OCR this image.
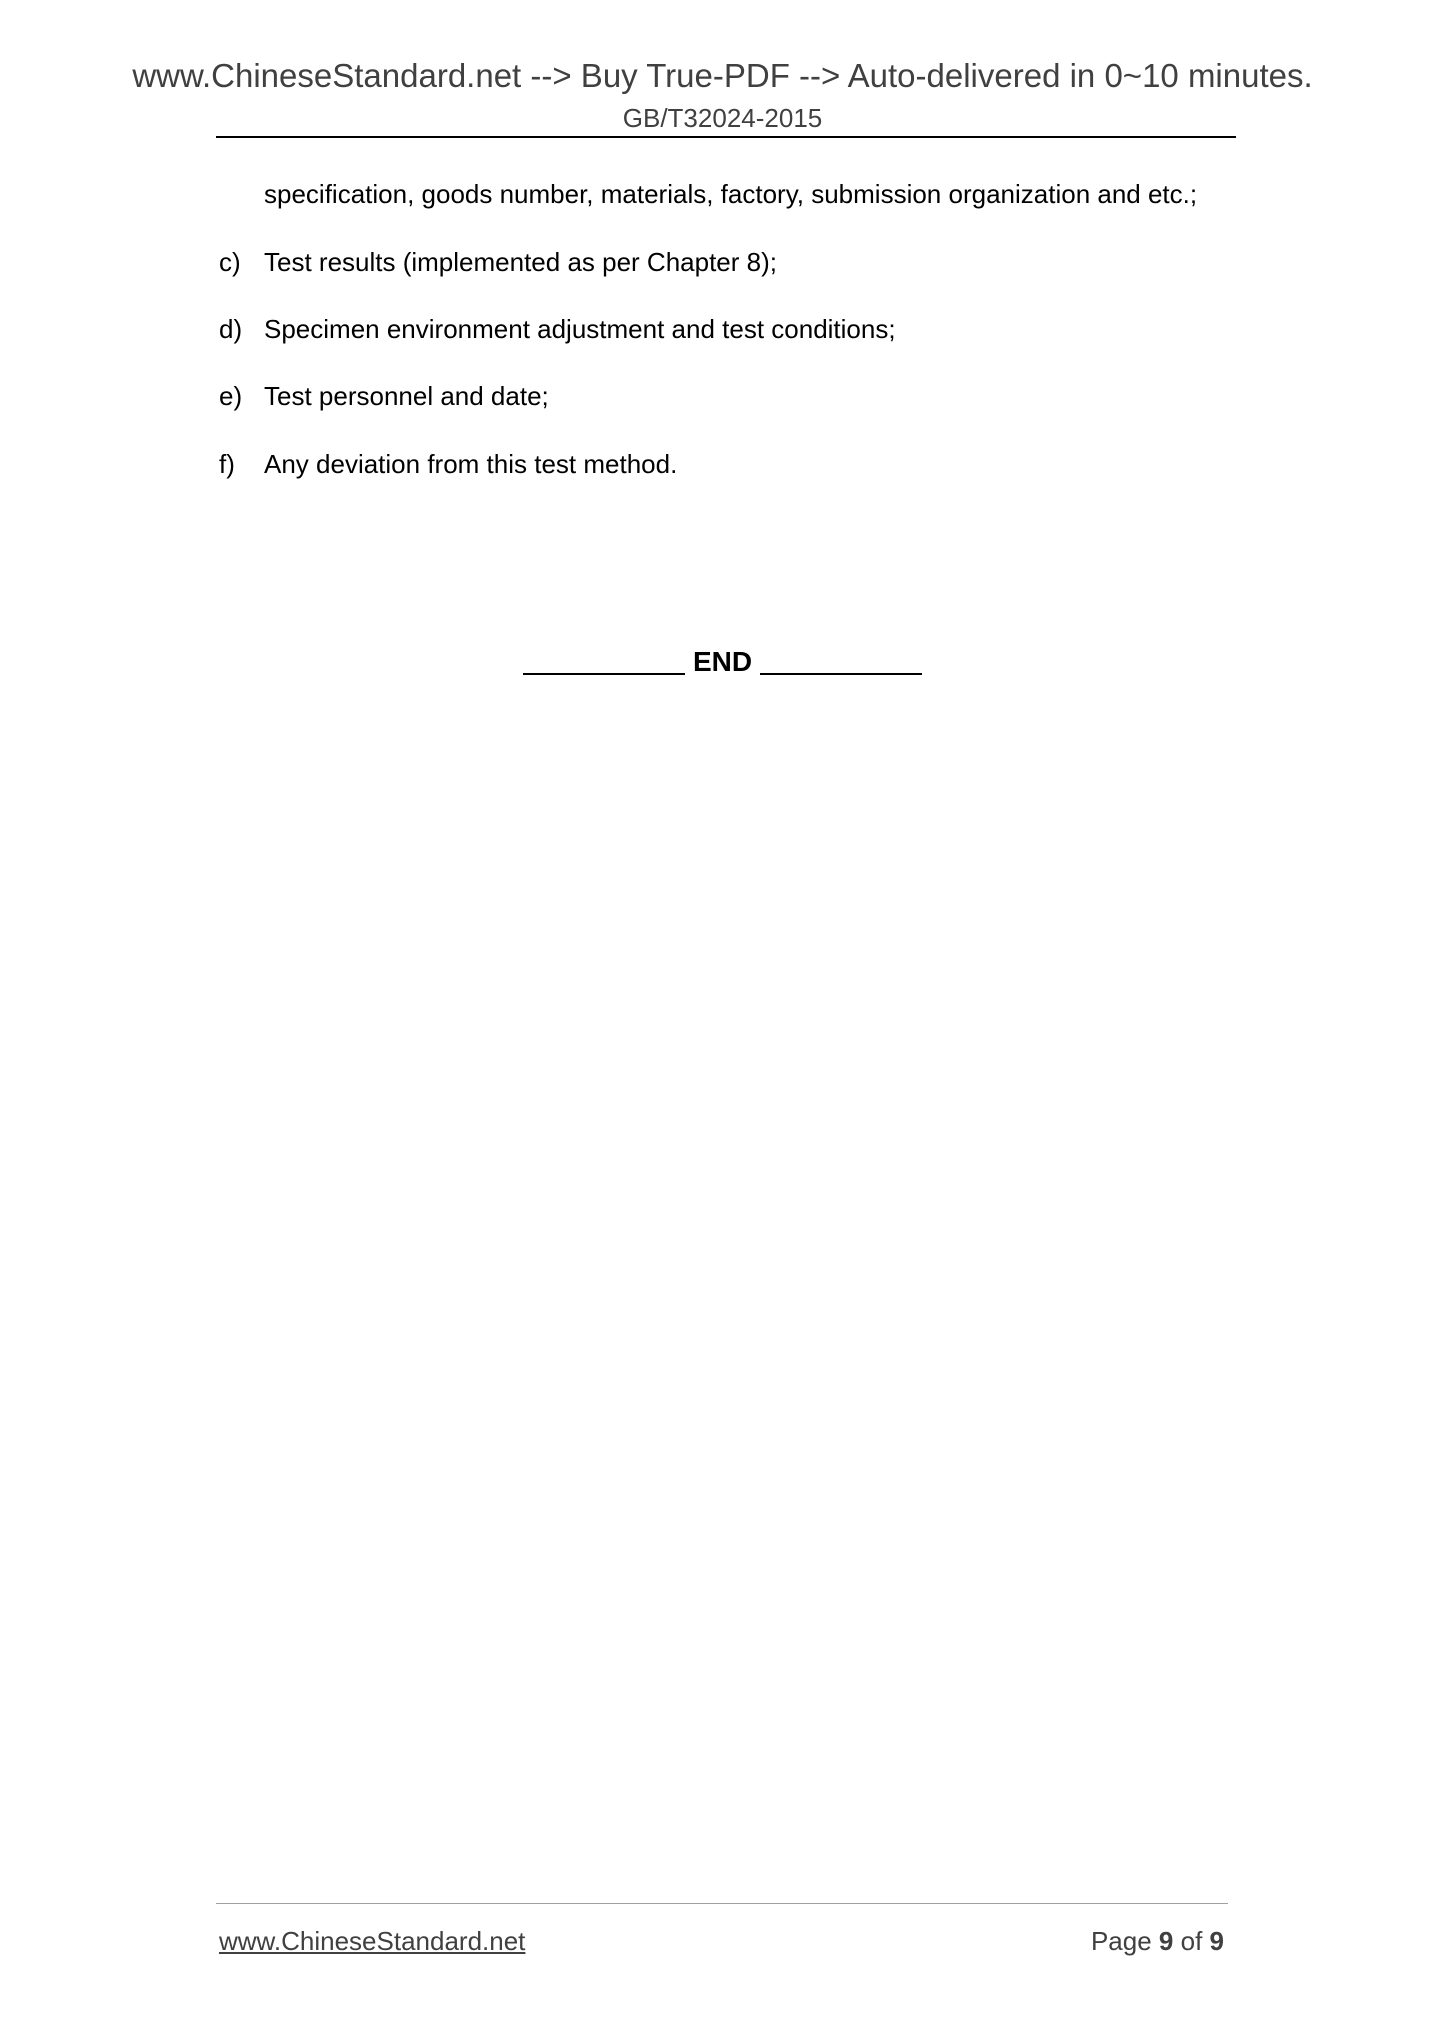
www.ChineseStandard.net --> Buy True-PDF --> Auto-delivered in 0~10 minutes.
GB/T32024-2015
specification, goods number, materials, factory, submission organization and etc.;
c) Test results (implemented as per Chapter 8);
d) Specimen environment adjustment and test conditions;
e) Test personnel and date;
f) Any deviation from this test method.
END
www.ChineseStandard.net	Page 9 of 9
